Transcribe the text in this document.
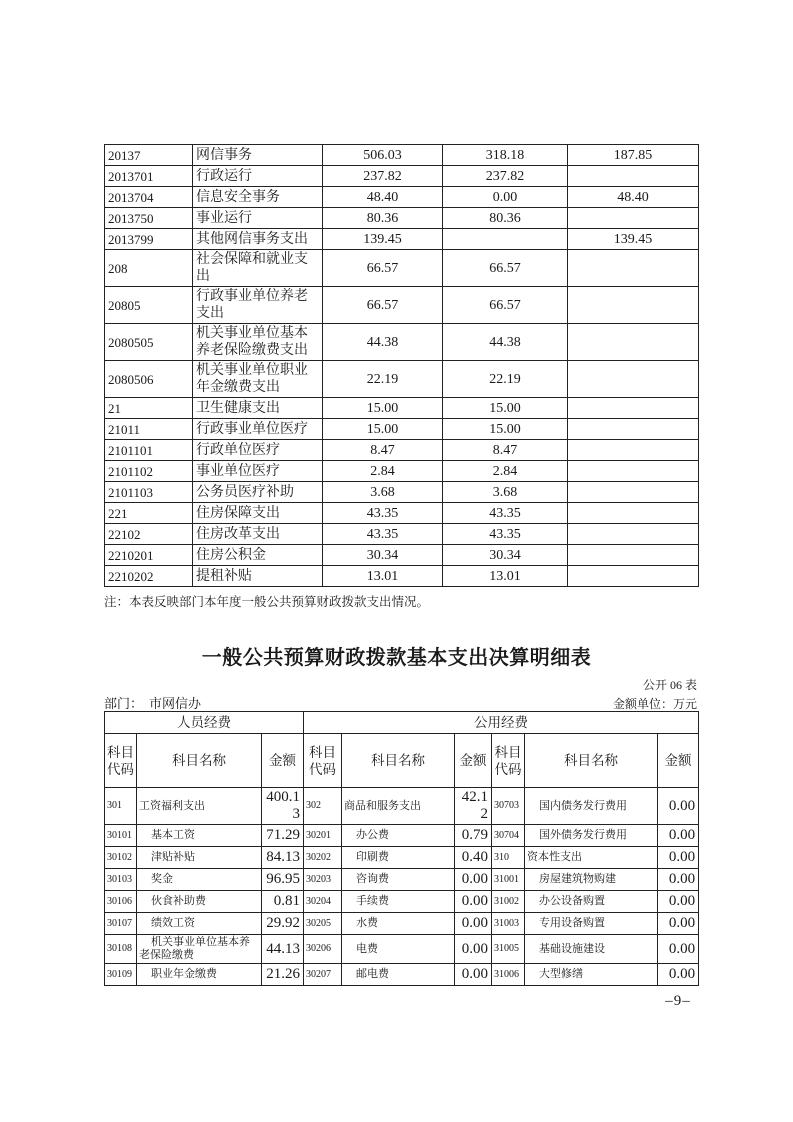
20137	网信事务	506.03	318.18	187.85
2013701	行政运行	237.82	237.82	
2013704	信息安全事务	48.40	0.00	48.40
2013750	事业运行	80.36	80.36	
2013799	其他网信事务支出	139.45		139.45
208	社会保障和就业支出	66.57	66.57	
20805	行政事业单位养老支出	66.57	66.57	
2080505	机关事业单位基本养老保险缴费支出	44.38	44.38	
2080506	机关事业单位职业年金缴费支出	22.19	22.19	
21	卫生健康支出	15.00	15.00	
21011	行政事业单位医疗	15.00	15.00	
2101101	行政单位医疗	8.47	8.47	
2101102	事业单位医疗	2.84	2.84	
2101103	公务员医疗补助	3.68	3.68	
221	住房保障支出	43.35	43.35	
22102	住房改革支出	43.35	43.35	
2210201	住房公积金	30.34	30.34	
2210202	提租补贴	13.01	13.01	
注：本表反映部门本年度一般公共预算财政拨款支出情况。
一般公共预算财政拨款基本支出决算明细表
公开 06 表
部门： 市网信办	金额单位：万元
人员经费			公用经费					
科目代码	科目名称	金额	科目代码	科目名称	金额	科目代码	科目名称	金额
301	工资福利支出	400.13	302	商品和服务支出	42.12	30703	国内债务发行费用	0.00
30101	基本工资	71.29	30201	办公费	0.79	30704	国外债务发行费用	0.00
30102	津贴补贴	84.13	30202	印刷费	0.40	310	资本性支出	0.00
30103	奖金	96.95	30203	咨询费	0.00	31001	房屋建筑物购建	0.00
30106	伙食补助费	0.81	30204	手续费	0.00	31002	办公设备购置	0.00
30107	绩效工资	29.92	30205	水费	0.00	31003	专用设备购置	0.00
30108	机关事业单位基本养老保险缴费	44.13	30206	电费	0.00	31005	基础设施建设	0.00
30109	职业年金缴费	21.26	30207	邮电费	0.00	31006	大型修缮	0.00
–9–
